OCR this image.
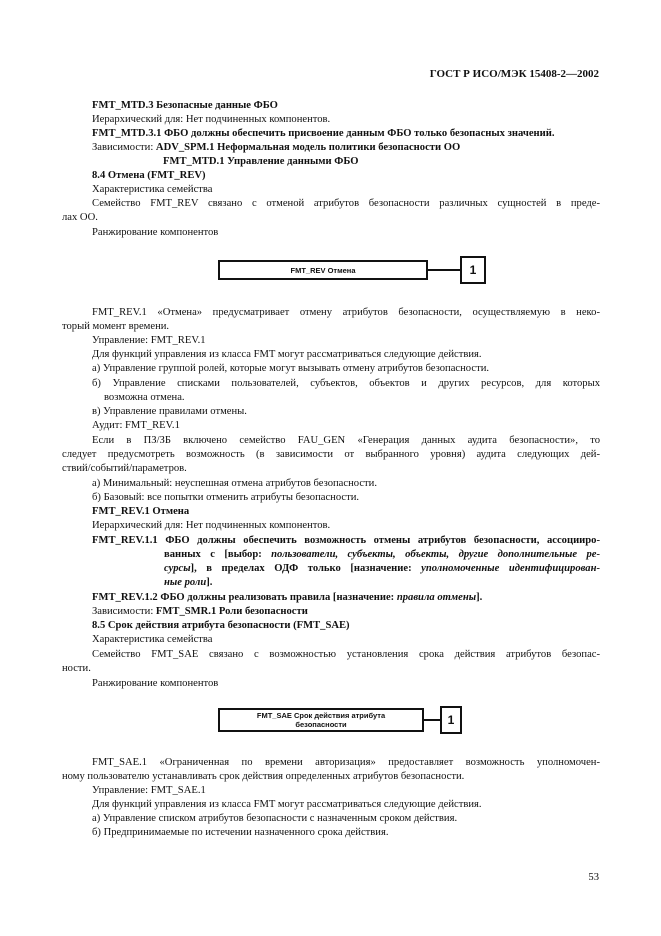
ГОСТ Р ИСО/МЭК 15408-2—2002
FMT_MTD.3 Безопасные данные ФБО
Иерархический для: Нет подчиненных компонентов.
FMT_MTD.3.1 ФБО должны обеспечить присвоение данным ФБО только безопасных значений.
Зависимости: ADV_SPM.1 Неформальная модель политики безопасности ОО
FMT_MTD.1 Управление данными ФБО
8.4 Отмена (FMT_REV)
Характеристика семейства
Семейство FMT_REV связано с отменой атрибутов безопасности различных сущностей в преде-
лах ОО.
Ранжирование компонентов
FMT_REV Отмена	1
FMT_REV.1 «Отмена» предусматривает отмену атрибутов безопасности, осуществляемую в неко-
торый момент времени.
Управление: FMT_REV.1
Для функций управления из класса FMT могут рассматриваться следующие действия.
а) Управление группой ролей, которые могут вызывать отмену атрибутов безопасности.
б) Управление списками пользователей, субъектов, объектов и других ресурсов, для которых
возможна отмена.
в) Управление правилами отмены.
Аудит: FMT_REV.1
Если в ПЗ/ЗБ включено семейство FAU_GEN «Генерация данных аудита безопасности», то
следует предусмотреть возможность (в зависимости от выбранного уровня) аудита следующих дей-
ствий/событий/параметров.
а) Минимальный: неуспешная отмена атрибутов безопасности.
б) Базовый: все попытки отменить атрибуты безопасности.
FMT_REV.1 Отмена
Иерархический для: Нет подчиненных компонентов.
FMT_REV.1.1 ФБО должны обеспечить возможность отмены атрибутов безопасности, ассоцииро-
ванных с [выбор: пользователи, субъекты, объекты, другие дополнительные ре-
сурсы], в пределах ОДФ только [назначение: уполномоченные идентифицирован-
ные роли].
FMT_REV.1.2 ФБО должны реализовать правила [назначение: правила отмены].
Зависимости: FMT_SMR.1 Роли безопасности
8.5 Срок действия атрибута безопасности (FMT_SAE)
Характеристика семейства
Семейство FMT_SAE связано с возможностью установления срока действия атрибутов безопас-
ности.
Ранжирование компонентов
FMT_SAE Срок действия атрибута
безопасности	1
FMT_SAE.1 «Ограниченная по времени авторизация» предоставляет возможность уполномочен-
ному пользователю устанавливать срок действия определенных атрибутов безопасности.
Управление: FMT_SAE.1
Для функций управления из класса FMT могут рассматриваться следующие действия.
а) Управление списком атрибутов безопасности с назначенным сроком действия.
б) Предпринимаемые по истечении назначенного срока действия.
53
